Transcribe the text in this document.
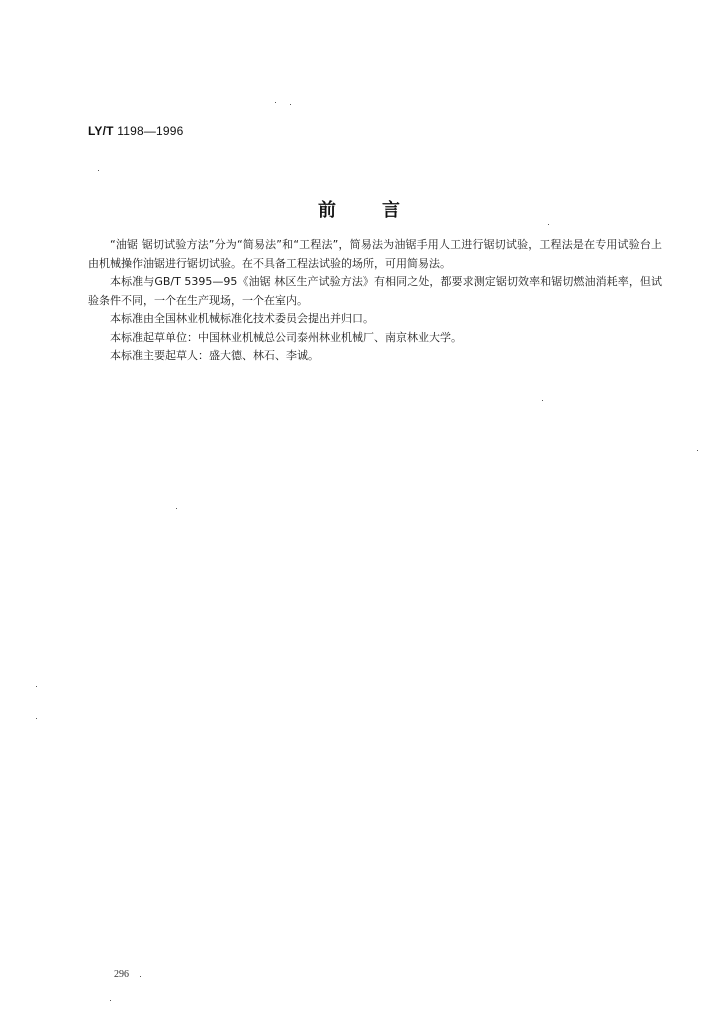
LY/T 1198—1996
前言

“油锯 锯切试验方法”分为“简易法”和“工程法”，简易法为油锯手用人工进行锯切试验，工程法是在专用试验台上由机械操作油锯进行锯切试验。在不具备工程法试验的场所，可用简易法。

本标准与GB/T 5395—95《油锯 林区生产试验方法》有相同之处，都要求测定锯切效率和锯切燃油消耗率，但试验条件不同，一个在生产现场，一个在室内。

本标准由全国林业机械标准化技术委员会提出并归口。

本标准起草单位：中国林业机械总公司泰州林业机械厂、南京林业大学。

本标准主要起草人：盛大德、林石、李诚。

296
